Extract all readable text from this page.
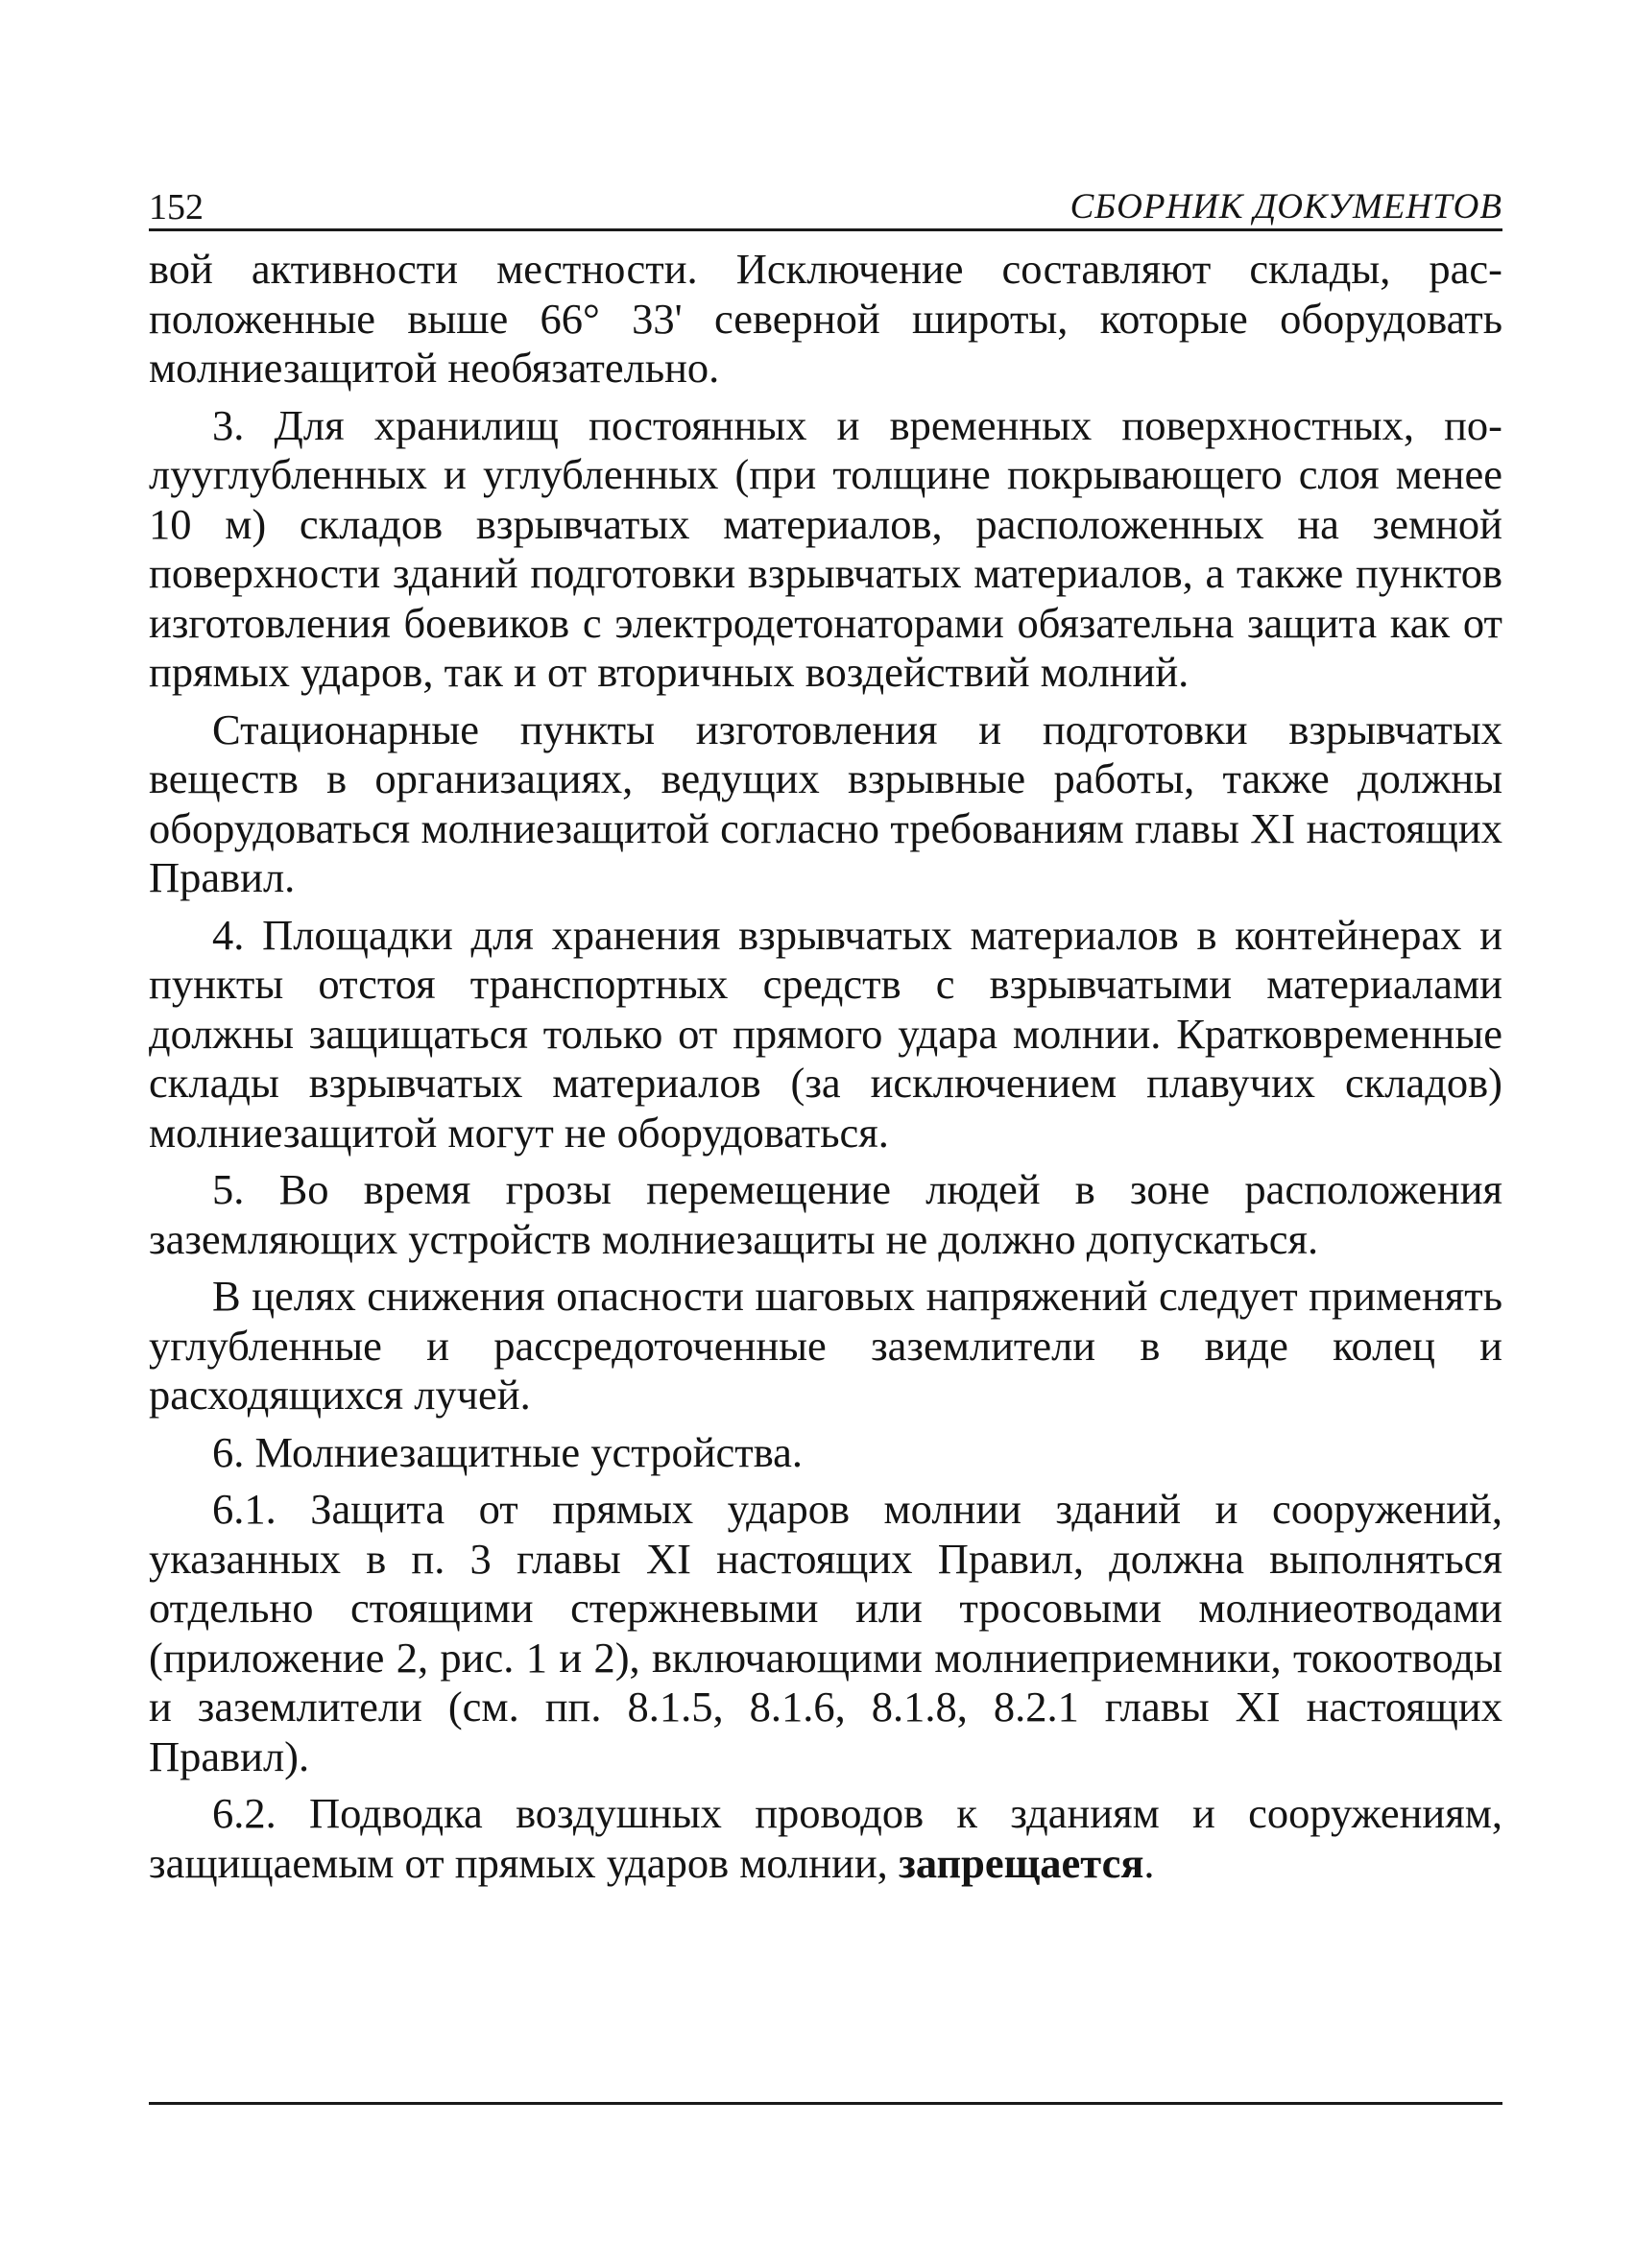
152	СБОРНИК ДОКУМЕНТОВ

вой активности местности. Исключение составляют склады, расположенные выше 66° 33' северной широты, которые оборудовать молниезащитой необязательно.

3. Для хранилищ постоянных и временных поверхностных, полууглубленных и углубленных (при толщине покрывающего слоя менее 10 м) складов взрывчатых материалов, расположенных на земной поверхности зданий подготовки взрывчатых материалов, а также пунктов изготовления боевиков с электродетонаторами обязательна защита как от прямых ударов, так и от вторичных воздействий молний.

Стационарные пункты изготовления и подготовки взрывчатых веществ в организациях, ведущих взрывные работы, также должны оборудоваться молниезащитой согласно требованиям главы XI настоящих Правил.

4. Площадки для хранения взрывчатых материалов в контейнерах и пункты отстоя транспортных средств с взрывчатыми материалами должны защищаться только от прямого удара молнии. Кратковременные склады взрывчатых материалов (за исключением плавучих складов) молниезащитой могут не оборудоваться.

5. Во время грозы перемещение людей в зоне расположения заземляющих устройств молниезащиты не должно допускаться.

В целях снижения опасности шаговых напряжений следует применять углубленные и рассредоточенные заземлители в виде колец и расходящихся лучей.

6. Молниезащитные устройства.

6.1. Защита от прямых ударов молнии зданий и сооружений, указанных в п. 3 главы XI настоящих Правил, должна выполняться отдельно стоящими стержневыми или тросовыми молниеотводами (приложение 2, рис. 1 и 2), включающими молниеприемники, токоотводы и заземлители (см. пп. 8.1.5, 8.1.6, 8.1.8, 8.2.1 главы XI настоящих Правил).

6.2. Подводка воздушных проводов к зданиям и сооружениям, защищаемым от прямых ударов молнии, запрещается.
